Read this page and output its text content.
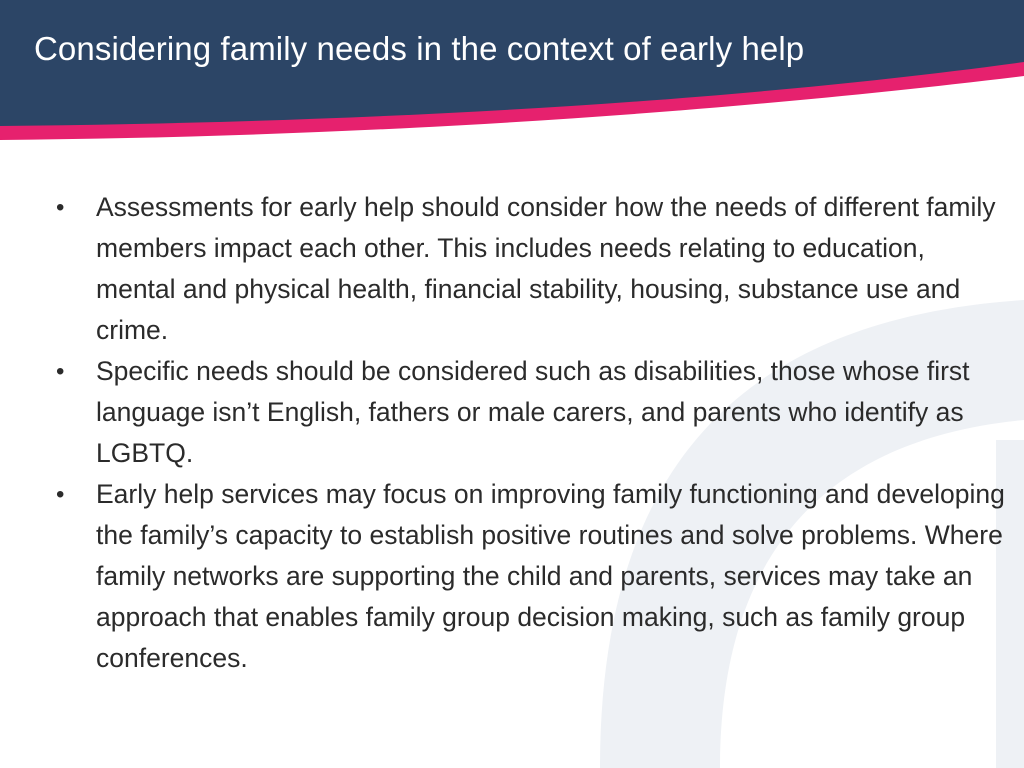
Considering family needs in the context of early help
• Assessments for early help should consider how the needs of different family members impact each other. This includes needs relating to education, mental and physical health, financial stability, housing, substance use and crime.
• Specific needs should be considered such as disabilities, those whose first language isn’t English, fathers or male carers, and parents who identify as LGBTQ.
• Early help services may focus on improving family functioning and developing the family’s capacity to establish positive routines and solve problems. Where family networks are supporting the child and parents, services may take an approach that enables family group decision making, such as family group conferences.
